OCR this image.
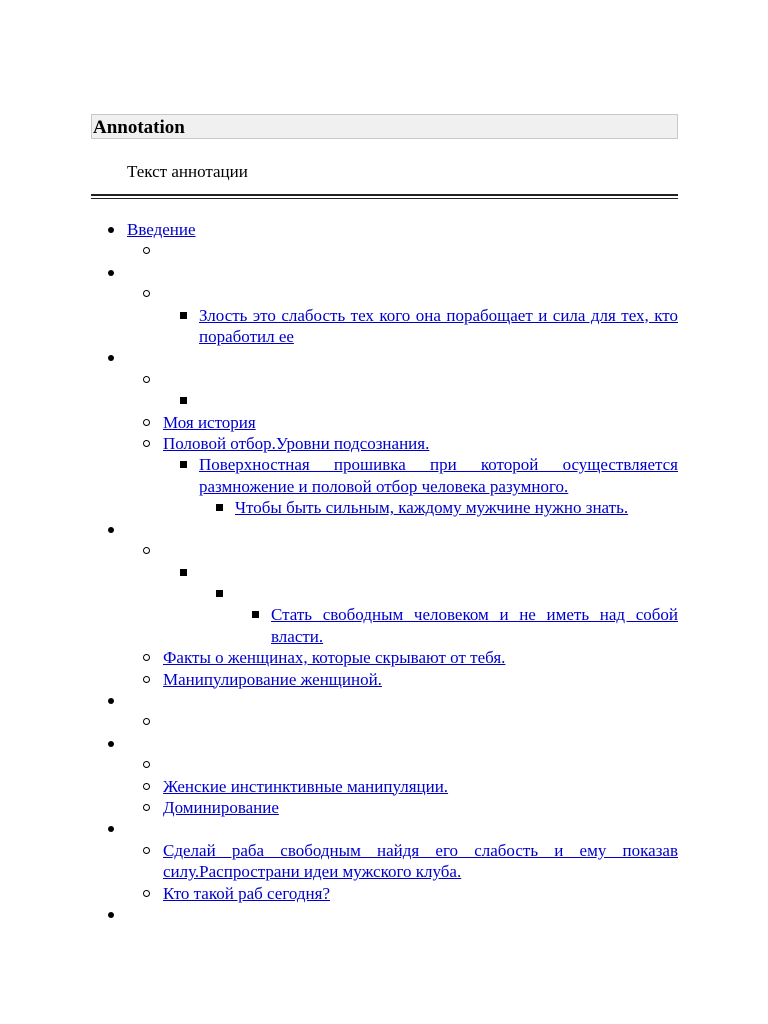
Annotation
Текст аннотации
Введение

Злость это слабость тех кого она порабощает и сила для тех, кто поработил ее

Моя история
Половой отбор.Уровни подсознания.
Поверхностная прошивка при которой осуществляется размножение и половой отбор человека разумного.
Чтобы быть сильным, каждому мужчине нужно знать.

Стать свободным человеком и не иметь над собой власти.
Факты о женщинах, которые скрывают от тебя.
Манипулирование женщиной.

Женские инстинктивные манипуляции.
Доминирование

Сделай раба свободным найдя его слабость и ему показав силу.Распространи идеи мужского клуба.
Кто такой раб сегодня?
